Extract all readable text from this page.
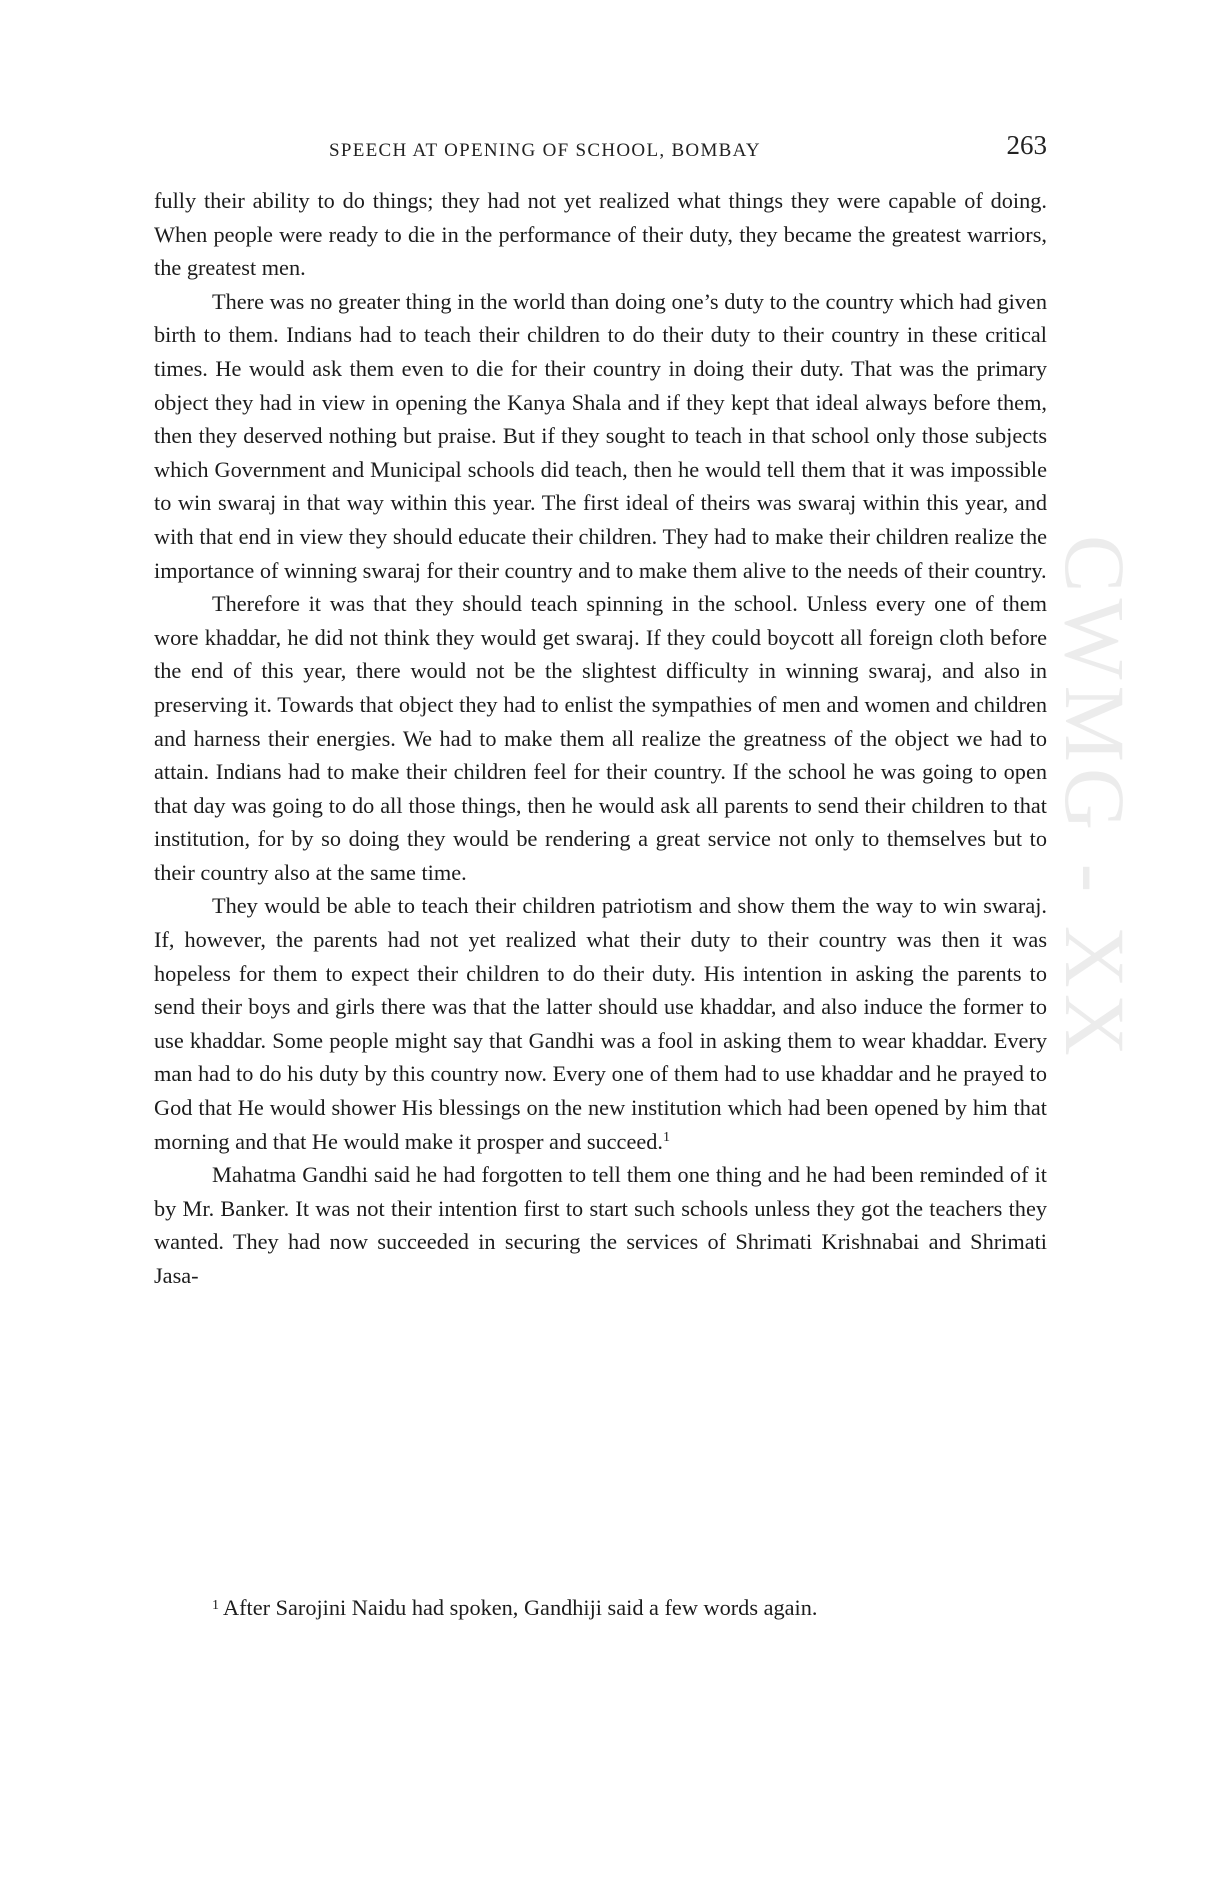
CWMG - XX
SPEECH AT OPENING OF SCHOOL, BOMBAY	263

fully their ability to do things; they had not yet realized what things they were capable of doing. When people were ready to die in the performance of their duty, they became the greatest warriors, the greatest men.

There was no greater thing in the world than doing one’s duty to the country which had given birth to them. Indians had to teach their children to do their duty to their country in these critical times. He would ask them even to die for their country in doing their duty. That was the primary object they had in view in opening the Kanya Shala and if they kept that ideal always before them, then they deserved nothing but praise. But if they sought to teach in that school only those subjects which Government and Municipal schools did teach, then he would tell them that it was impossible to win swaraj in that way within this year. The first ideal of theirs was swaraj within this year, and with that end in view they should educate their children. They had to make their children realize the importance of winning swaraj for their country and to make them alive to the needs of their country.

Therefore it was that they should teach spinning in the school. Unless every one of them wore khaddar, he did not think they would get swaraj. If they could boycott all foreign cloth before the end of this year, there would not be the slightest difficulty in winning swaraj, and also in preserving it. Towards that object they had to enlist the sympathies of men and women and children and harness their energies. We had to make them all realize the greatness of the object we had to attain. Indians had to make their children feel for their country. If the school he was going to open that day was going to do all those things, then he would ask all parents to send their children to that institution, for by so doing they would be rendering a great service not only to themselves but to their country also at the same time.

They would be able to teach their children patriotism and show them the way to win swaraj. If, however, the parents had not yet realized what their duty to their country was then it was hopeless for them to expect their children to do their duty. His intention in asking the parents to send their boys and girls there was that the latter should use khaddar, and also induce the former to use khaddar. Some people might say that Gandhi was a fool in asking them to wear khaddar. Every man had to do his duty by this country now. Every one of them had to use khaddar and he prayed to God that He would shower His blessings on the new institution which had been opened by him that morning and that He would make it prosper and succeed.$^1$

Mahatma Gandhi said he had forgotten to tell them one thing and he had been reminded of it by Mr. Banker. It was not their intention first to start such schools unless they got the teachers they wanted. They had now succeeded in securing the services of Shrimati Krishnabai and Shrimati Jasa-

$^1$ After Sarojini Naidu had spoken, Gandhiji said a few words again.
